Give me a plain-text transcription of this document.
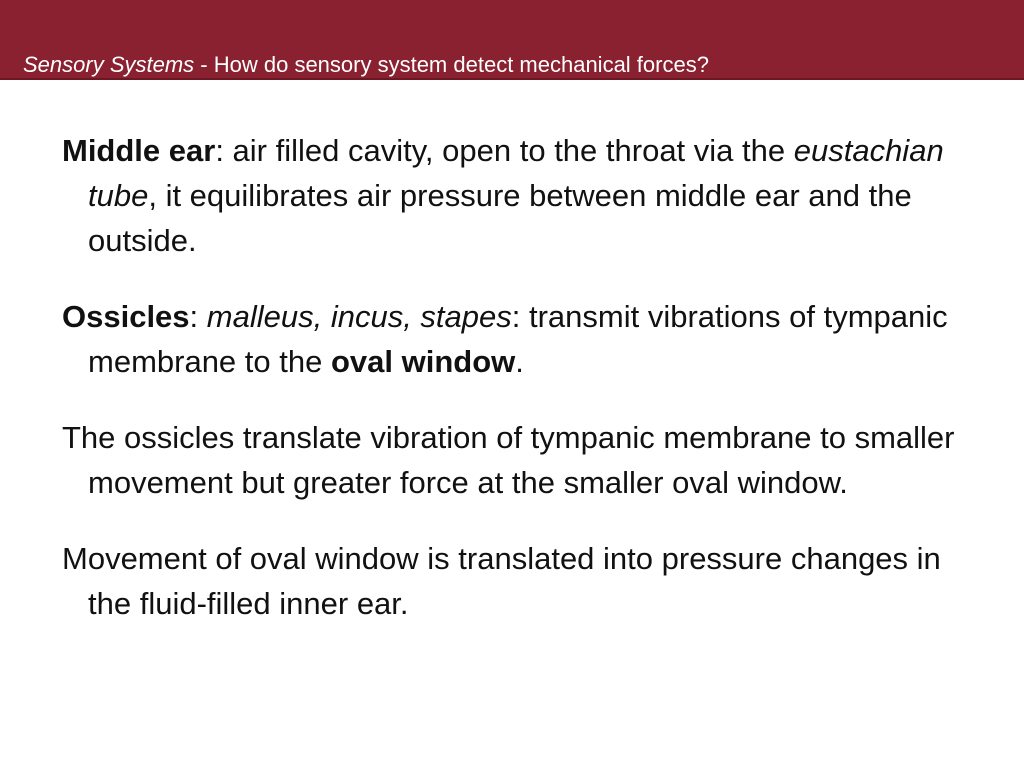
Sensory Systems - How do sensory system detect mechanical forces?

Middle ear: air filled cavity, open to the throat via the eustachian tube, it equilibrates air pressure between middle ear and the outside.

Ossicles: malleus, incus, stapes: transmit vibrations of tympanic membrane to the oval window.

The ossicles translate vibration of tympanic membrane to smaller movement but greater force at the smaller oval window.

Movement of oval window is translated into pressure changes in the fluid-filled inner ear.
